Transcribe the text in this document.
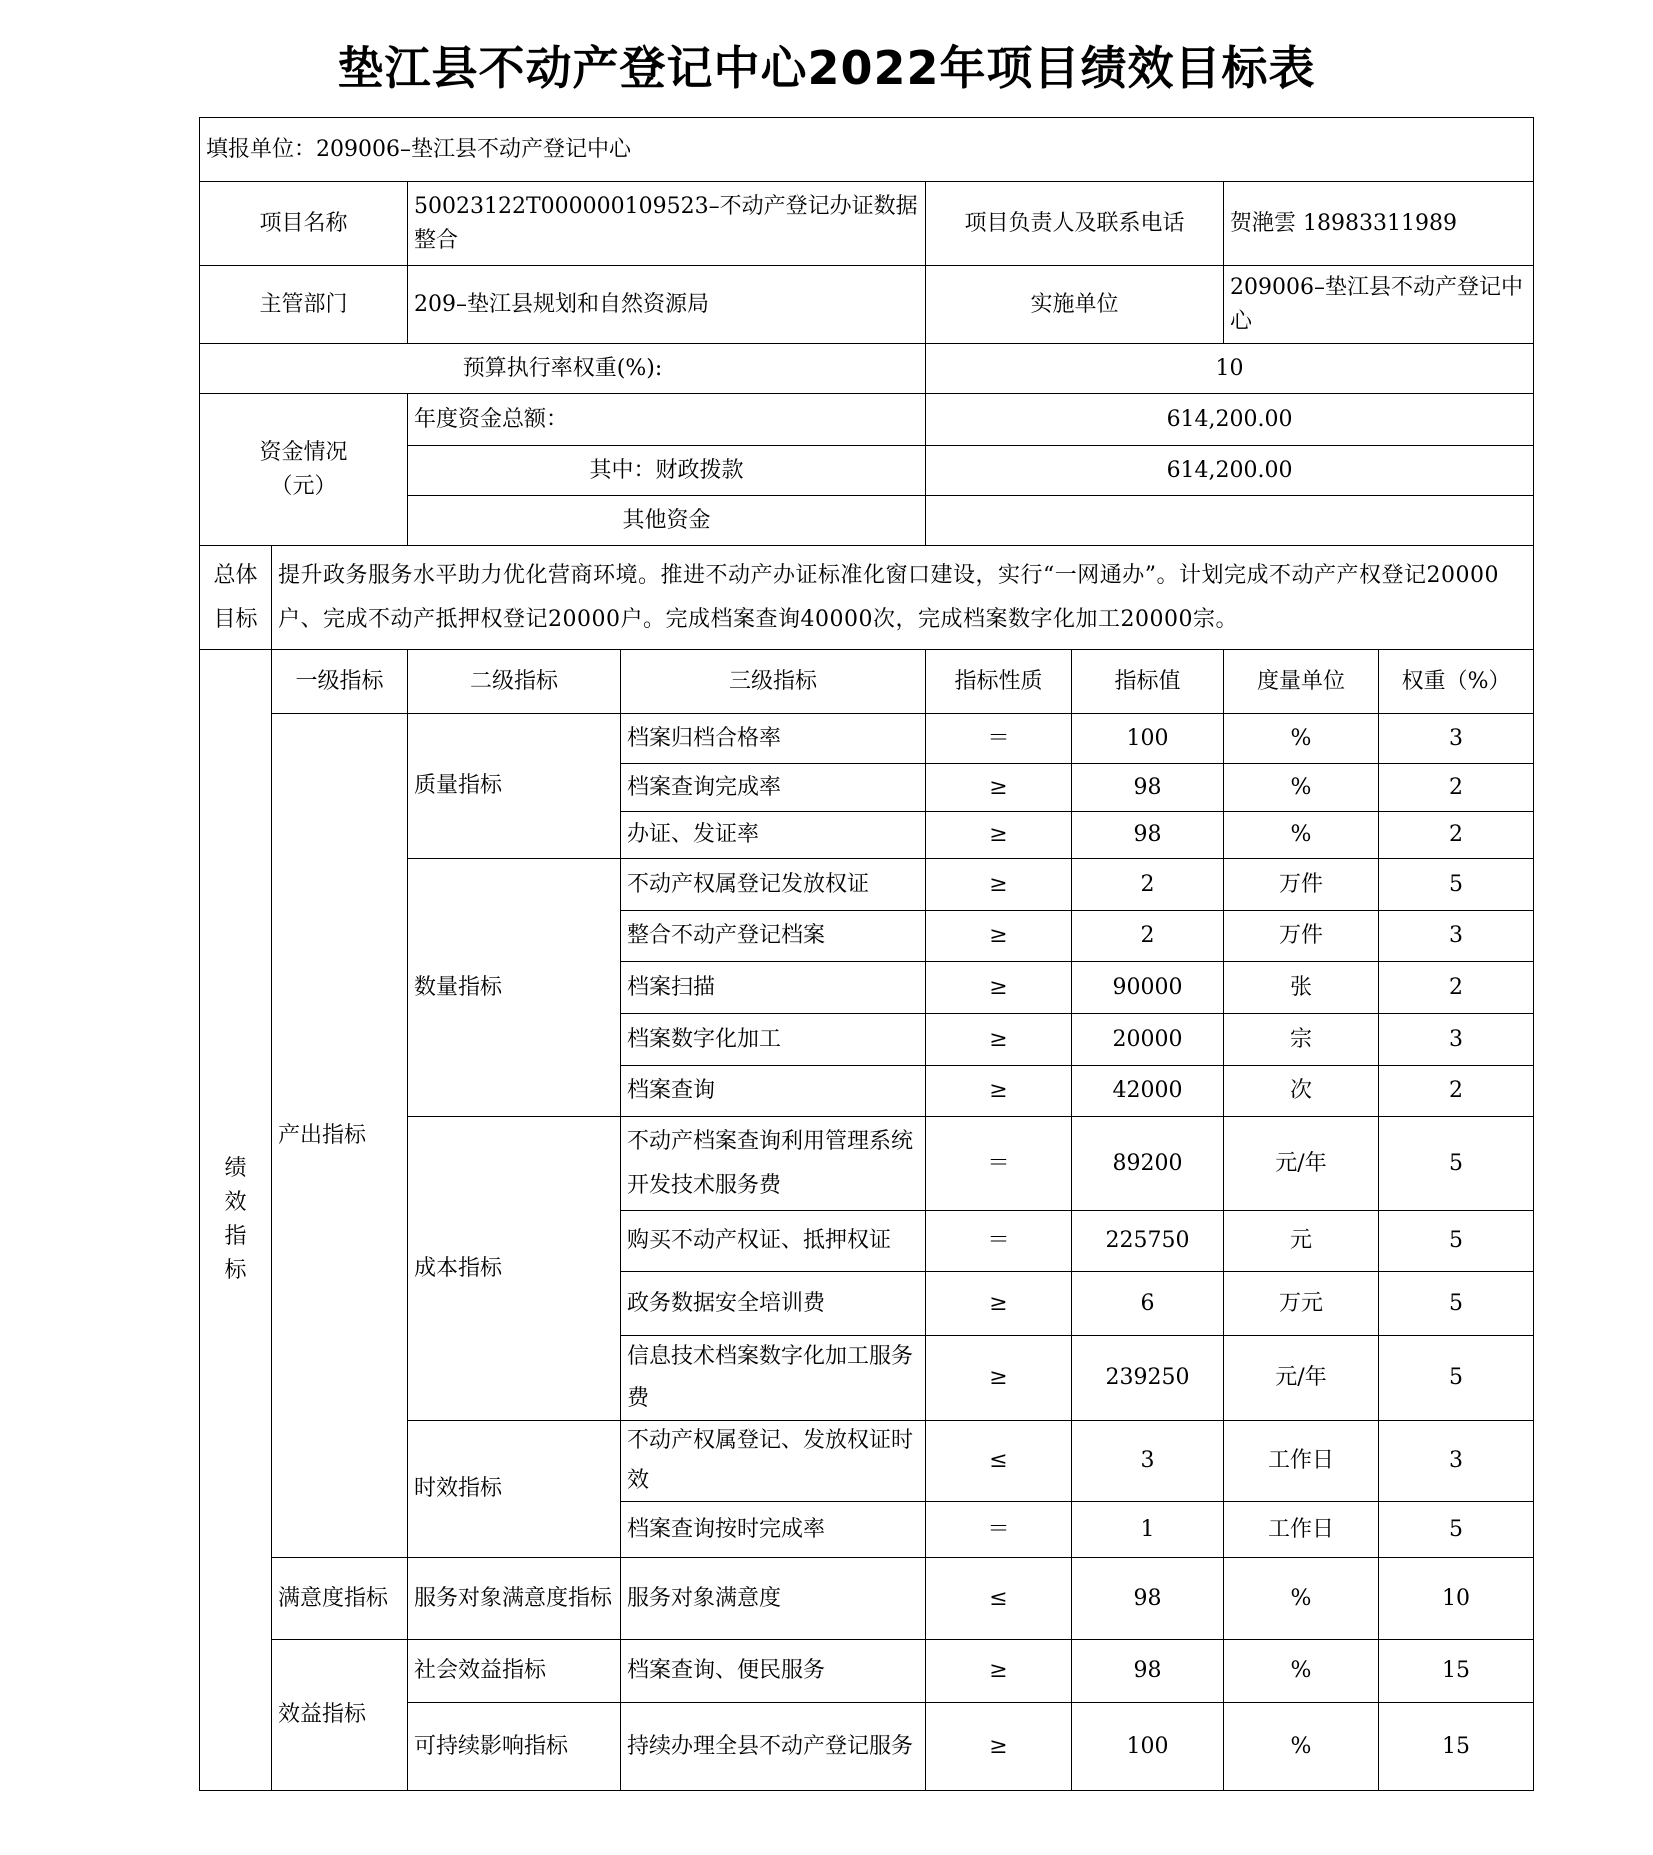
垫江县不动产登记中心2022年项目绩效目标表
填报单位：209006–垫江县不动产登记中心							
项目名称		50023122T000000109523–不动产登记办证数据整合		项目负责人及联系电话		贺滟雲 18983311989	
主管部门		209–垫江县规划和自然资源局		实施单位		209006–垫江县不动产登记中心	
预算执行率权重(%):				10			

资金情况
（元）		年度资金总额：		614,200.00			
		其中：财政拨款		614,200.00			
		其他资金					

总体
目标	提升政务服务水平助力优化营商环境。推进不动产办证标准化窗口建设，实行“一网通办”。计划完成不动产产权登记20000户、完成不动产抵押权登记20000户。完成档案查询40000次，完成档案数字化加工20000宗。						

绩
效
指
标	一级指标	二级指标	三级指标	指标性质	指标值	度量单位	权重（%）
	产出指标	质量指标	档案归档合格率	＝	100	%	3
			档案查询完成率	≥	98	%	2
			办证、发证率	≥	98	%	2
		数量指标	不动产权属登记发放权证	≥	2	万件	5
			整合不动产登记档案	≥	2	万件	3
			档案扫描	≥	90000	张	2
			档案数字化加工	≥	20000	宗	3
			档案查询	≥	42000	次	2
		成本指标	不动产档案查询利用管理系统开发技术服务费	＝	89200	元/年	5
			购买不动产权证、抵押权证	＝	225750	元	5
			政务数据安全培训费	≥	6	万元	5
			信息技术档案数字化加工服务费	≥	239250	元/年	5
		时效指标	不动产权属登记、发放权证时效	≤	3	工作日	3
			档案查询按时完成率	＝	1	工作日	5
	满意度指标	服务对象满意度指标	服务对象满意度	≤	98	%	10
	效益指标	社会效益指标	档案查询、便民服务	≥	98	%	15
		可持续影响指标	持续办理全县不动产登记服务	≥	100	%	15
